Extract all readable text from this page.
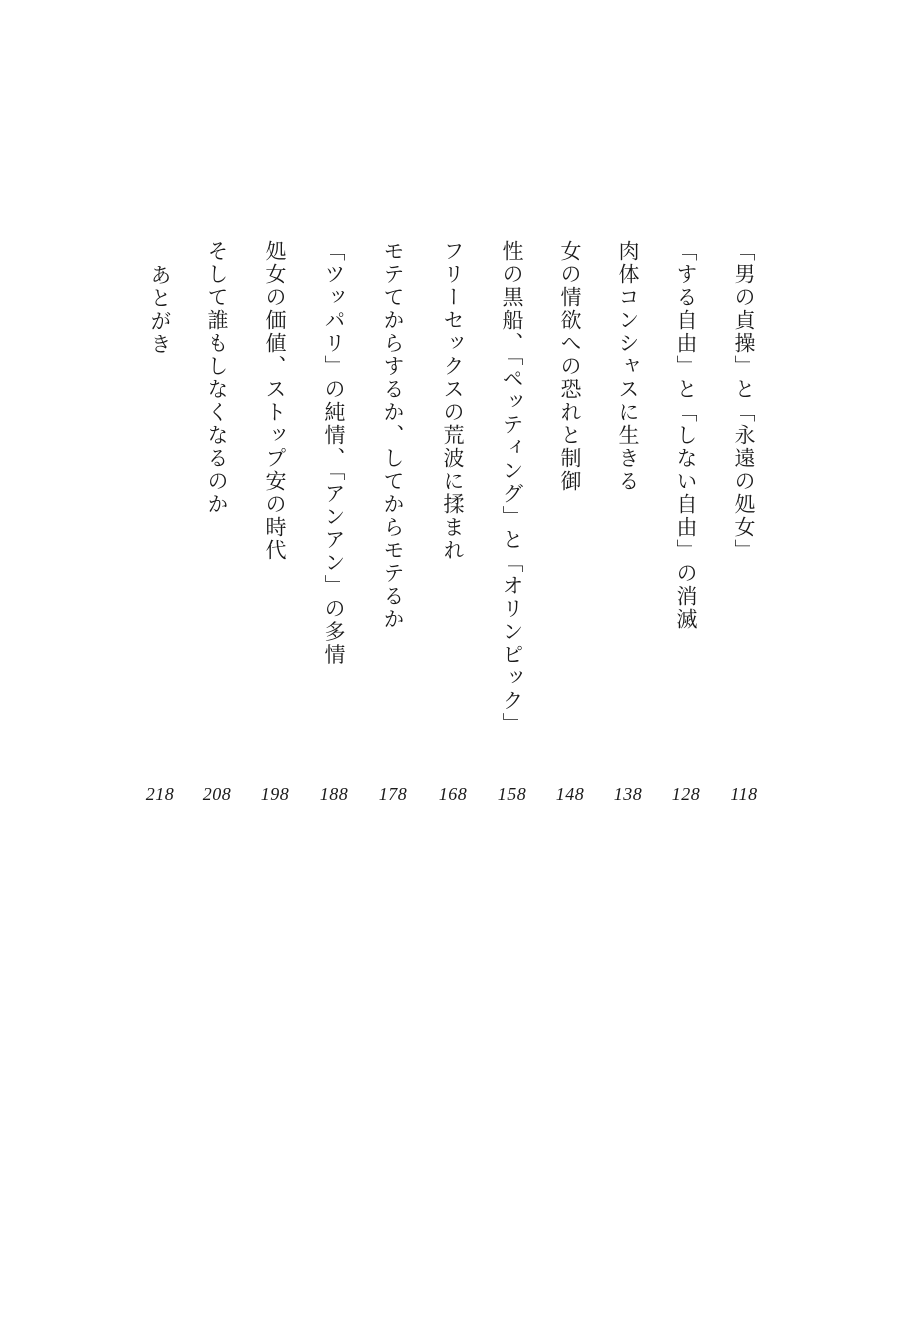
「男の貞操」と「永遠の処女」
118
「する自由」と「しない自由」の消滅
128
肉体コンシャスに生きる
138
女の情欲への恐れと制御
148
性の黒船、「ペッティング」と「オリンピック」
158
フリーセックスの荒波に揉まれ
168
モテてからするか、してからモテるか
178
「ツッパリ」の純情、「アンアン」の多情
188
処女の価値、ストップ安の時代
198
そして誰もしなくなるのか
208
あとがき
218
